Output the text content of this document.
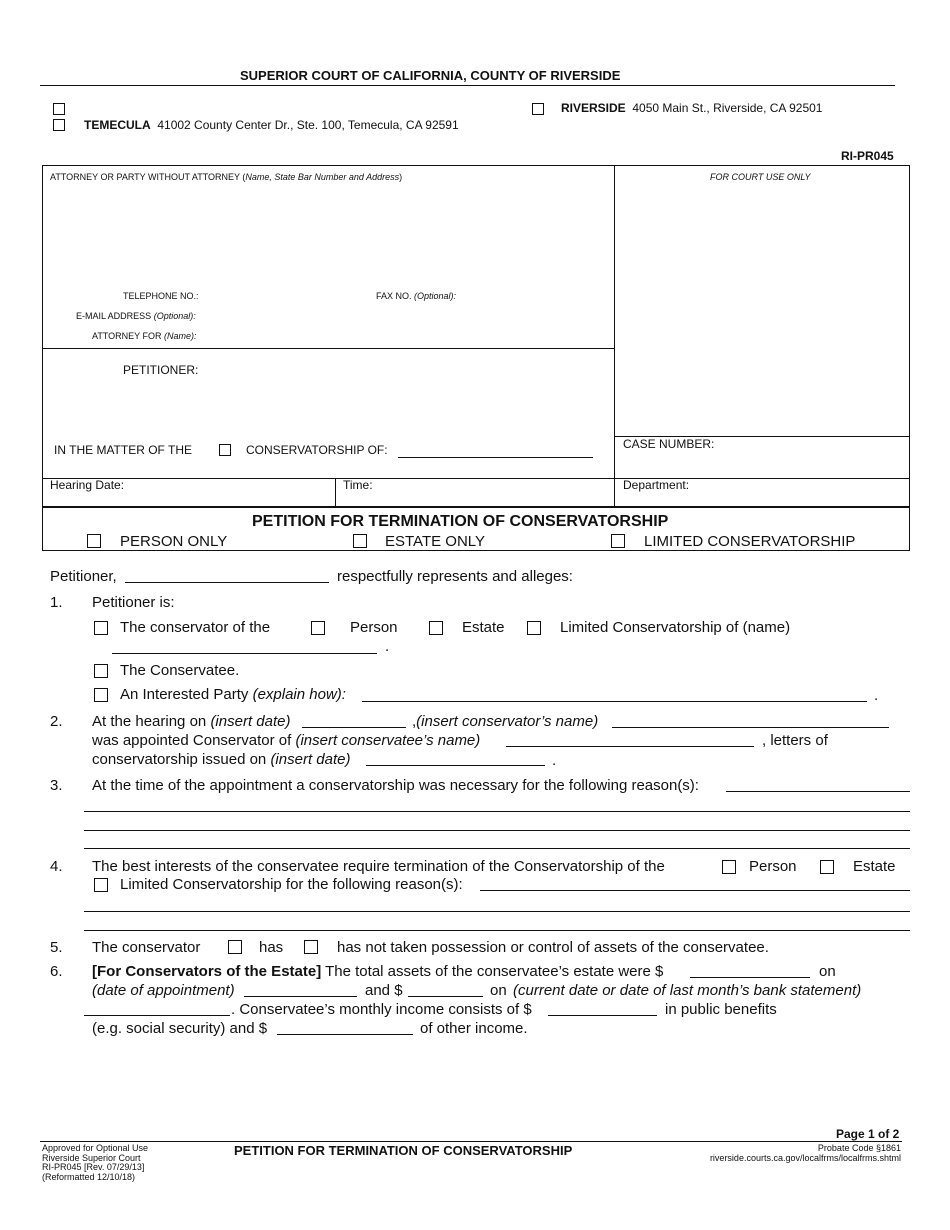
SUPERIOR COURT OF CALIFORNIA, COUNTY OF RIVERSIDE
TEMECULA 41002 County Center Dr., Ste. 100, Temecula, CA 92591
RIVERSIDE 4050 Main St., Riverside, CA 92501
RI-PR045
ATTORNEY OR PARTY WITHOUT ATTORNEY (Name, State Bar Number and Address)	FOR COURT USE ONLY
TELEPHONE NO.:	FAX NO. (Optional):
E-MAIL ADDRESS (Optional):
ATTORNEY FOR (Name):
PETITIONER:
IN THE MATTER OF THE	CONSERVATORSHIP OF:	CASE NUMBER:
Hearing Date:	Time:	Department:
PETITION FOR TERMINATION OF CONSERVATORSHIP
PERSON ONLY	ESTATE ONLY	LIMITED CONSERVATORSHIP
Petitioner,	respectfully represents and alleges:
1. Petitioner is:
The conservator of the	Person	Estate	Limited Conservatorship of (name)
.
The Conservatee.
An Interested Party (explain how):	.
2. At the hearing on (insert date)	,(insert conservator’s name)
was appointed Conservator of (insert conservatee’s name)	, letters of
conservatorship issued on (insert date)	.
3. At the time of the appointment a conservatorship was necessary for the following reason(s):
4. The best interests of the conservatee require termination of the Conservatorship of the	Person	Estate
Limited Conservatorship for the following reason(s):
5. The conservator	has	has not taken possession or control of assets of the conservatee.
6. [For Conservators of the Estate] The total assets of the conservatee’s estate were $	on
(date of appointment)	and $	on (current date or date of last month’s bank statement)
. Conservatee’s monthly income consists of $	in public benefits
(e.g. social security) and $	of other income.
Page 1 of 2
Approved for Optional Use
Riverside Superior Court
RI-PR045 [Rev. 07/29/13]
(Reformatted 12/10/18)
PETITION FOR TERMINATION OF CONSERVATORSHIP	Probate Code §1861
riverside.courts.ca.gov/localfrms/localfrms.shtml
